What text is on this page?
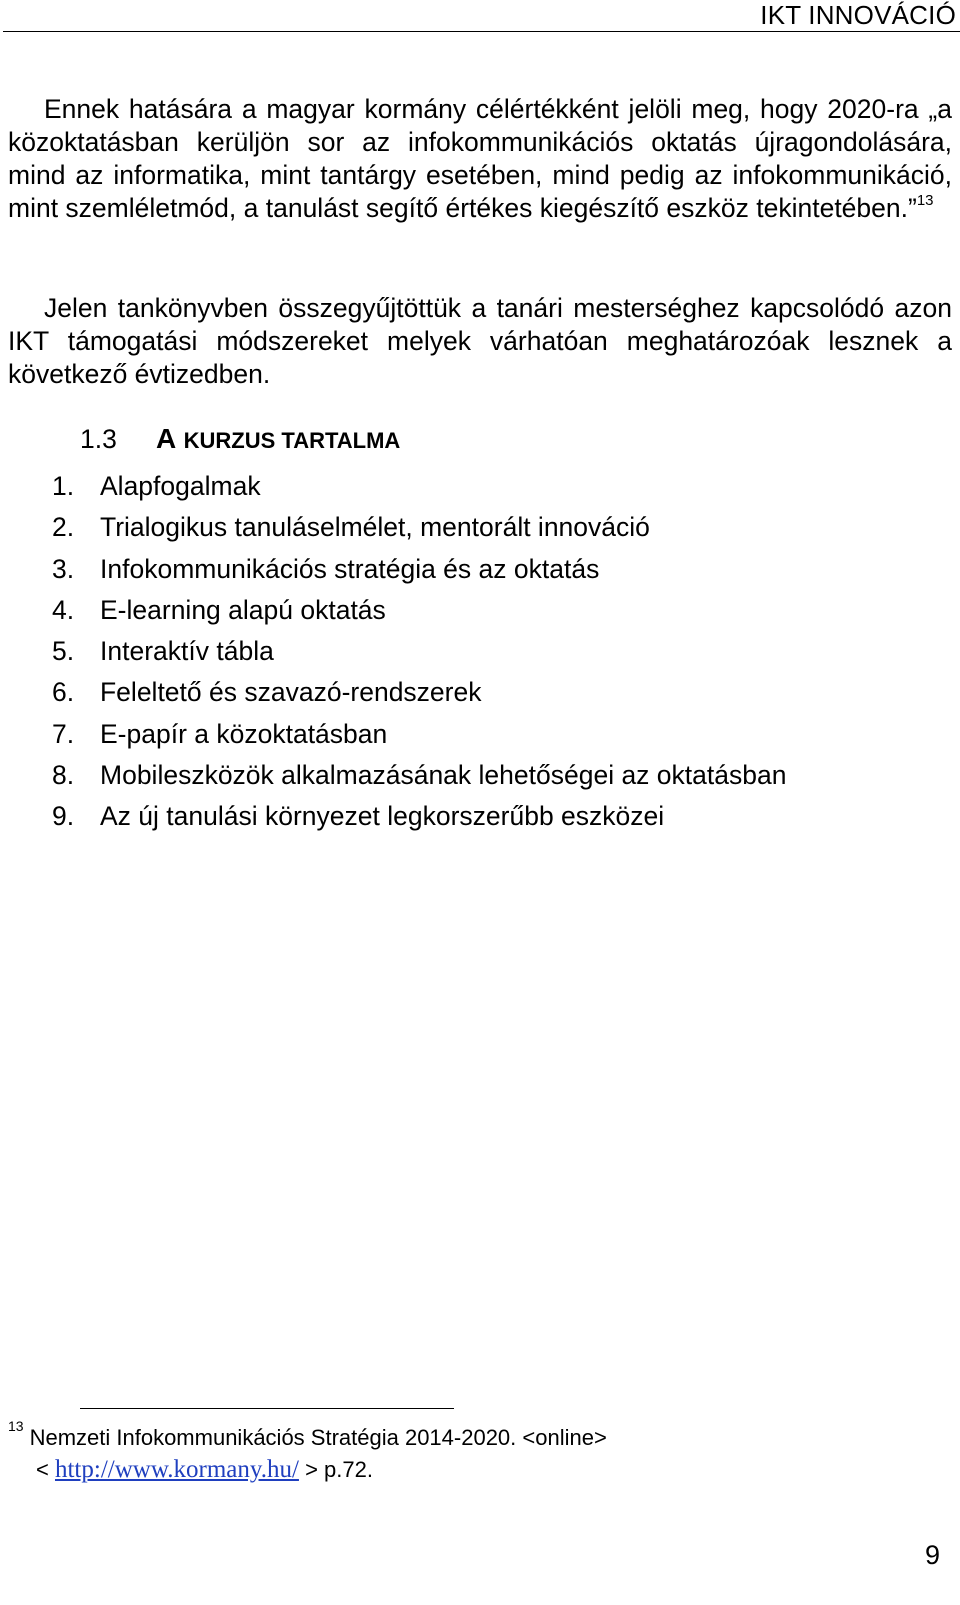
IKT INNOVÁCIÓ

Ennek hatására a magyar kormány célértékként jelöli meg, hogy 2020-ra „a közoktatásban kerüljön sor az infokommunikációs oktatás újragondolására, mind az informatika, mint tantárgy esetében, mind pedig az infokommunikáció, mint szemléletmód, a tanulást segítő értékes kiegészítő eszköz tekintetében.”$^{13}$

Jelen tankönyvben összegyűjtöttük a tanári mesterséghez kapcsolódó azon IKT támogatási módszereket melyek várhatóan meghatározóak lesznek a következő évtizedben.

1.3 A KURZUS TARTALMA
1. Alapfogalmak
2. Trialogikus tanuláselmélet, mentorált innováció
3. Infokommunikációs stratégia és az oktatás
4. E-learning alapú oktatás
5. Interaktív tábla
6. Feleltető és szavazó-rendszerek
7. E-papír a közoktatásban
8. Mobileszközök alkalmazásának lehetőségei az oktatásban
9. Az új tanulási környezet legkorszerűbb eszközei
$^{13}$ Nemzeti Infokommunikációs Stratégia 2014-2020. <online>
< http://www.kormany.hu/ > p.72.
9
